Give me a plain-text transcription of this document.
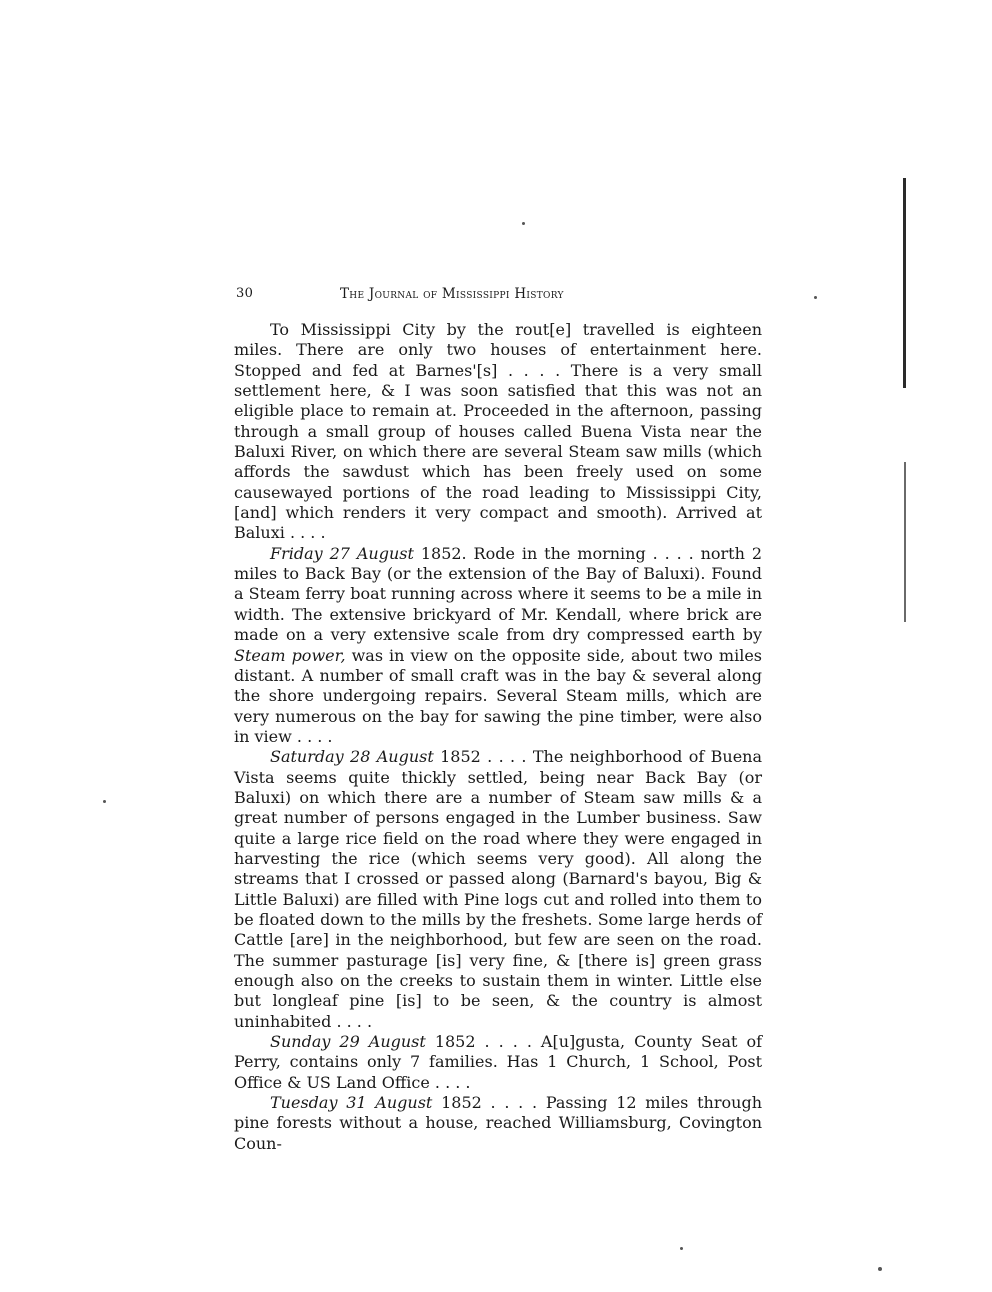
30	The Journal of Mississippi History

To Mississippi City by the rout[e] travelled is eighteen miles. There are only two houses of entertainment here. Stopped and fed at Barnes'[s] . . . . There is a very small settlement here, & I was soon satisfied that this was not an eligible place to remain at. Proceeded in the afternoon, passing through a small group of houses called Buena Vista near the Baluxi River, on which there are several Steam saw mills (which affords the sawdust which has been freely used on some causewayed portions of the road leading to Mississippi City, [and] which renders it very compact and smooth). Arrived at Baluxi . . . .

Friday 27 August 1852. Rode in the morning . . . . north 2 miles to Back Bay (or the extension of the Bay of Baluxi). Found a Steam ferry boat running across where it seems to be a mile in width. The extensive brickyard of Mr. Kendall, where brick are made on a very extensive scale from dry compressed earth by Steam power, was in view on the opposite side, about two miles distant. A number of small craft was in the bay & several along the shore undergoing repairs. Several Steam mills, which are very numerous on the bay for sawing the pine timber, were also in view . . . .

Saturday 28 August 1852 . . . . The neighborhood of Buena Vista seems quite thickly settled, being near Back Bay (or Baluxi) on which there are a number of Steam saw mills & a great number of persons engaged in the Lumber business. Saw quite a large rice field on the road where they were engaged in harvesting the rice (which seems very good). All along the streams that I crossed or passed along (Barnard's bayou, Big & Little Baluxi) are filled with Pine logs cut and rolled into them to be floated down to the mills by the freshets. Some large herds of Cattle [are] in the neighborhood, but few are seen on the road. The summer pasturage [is] very fine, & [there is] green grass enough also on the creeks to sustain them in winter. Little else but longleaf pine [is] to be seen, & the country is almost uninhabited . . . .

Sunday 29 August 1852 . . . . A[u]gusta, County Seat of Perry, contains only 7 families. Has 1 Church, 1 School, Post Office & US Land Office . . . .

Tuesday 31 August 1852 . . . . Passing 12 miles through pine forests without a house, reached Williamsburg, Covington Coun-
